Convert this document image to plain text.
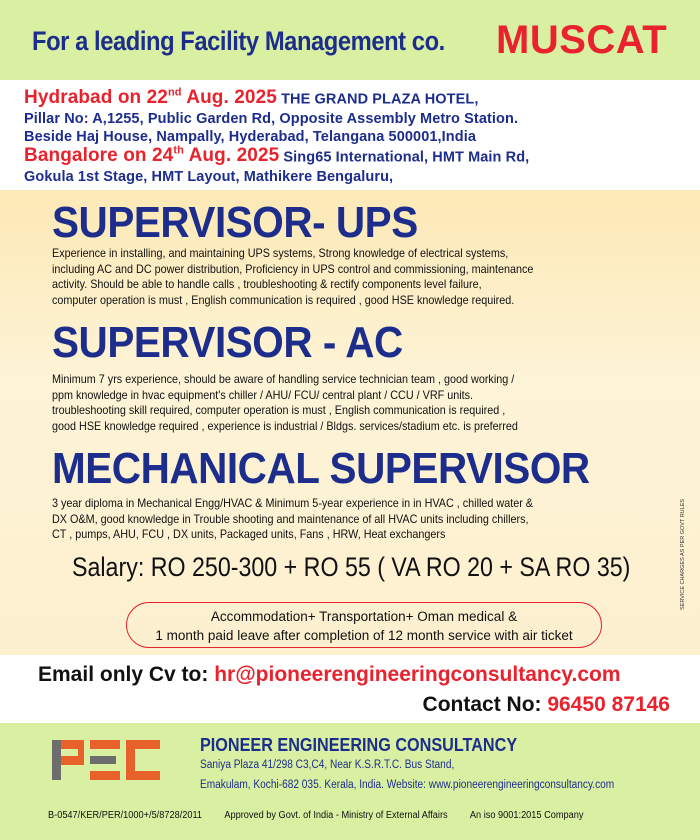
For a leading Facility Management co. MUSCAT
Hydrabad on 22nd Aug. 2025 THE GRAND PLAZA HOTEL,
Pillar No: A,1255, Public Garden Rd, Opposite Assembly Metro Station.
Beside Haj House, Nampally, Hyderabad, Telangana 500001,India
Bangalore on 24th Aug. 2025 Sing65 International, HMT Main Rd,
Gokula 1st Stage, HMT Layout, Mathikere Bengaluru,
SUPERVISOR- UPS
Experience in installing, and maintaining UPS systems, Strong knowledge of electrical systems,
including AC and DC power distribution, Proficiency in UPS control and commissioning, maintenance
activity. Should be able to handle calls , troubleshooting & rectify components level failure,
computer operation is must , English communication is required , good HSE knowledge required.
SUPERVISOR - AC
Minimum 7 yrs experience, should be aware of handling service technician team , good working /
ppm knowledge in hvac equipment's chiller / AHU/ FCU/ central plant / CCU / VRF units.
troubleshooting skill required, computer operation is must , English communication is required ,
good HSE knowledge required , experience is industrial / Bldgs. services/stadium etc. is preferred
MECHANICAL SUPERVISOR
3 year diploma in Mechanical Engg/HVAC & Minimum 5-year experience in in HVAC , chilled water &
DX O&M, good knowledge in Trouble shooting and maintenance of all HVAC units including chillers,
CT , pumps, AHU, FCU , DX units, Packaged units, Fans , HRW, Heat exchangers
Salary: RO 250-300 + RO 55 ( VA RO 20 + SA RO 35)
Accommodation+ Transportation+ Oman medical &
1 month paid leave after completion of 12 month service with air ticket
SERVICE CHARGES AS PER GOVT RULES
Email only Cv to: hr@pioneerengineeringconsultancy.com
Contact No: 96450 87146
PIONEER ENGINEERING CONSULTANCY
Saniya Plaza 41/298 C3,C4, Near K.S.R.T.C. Bus Stand,
Emakulam, Kochi-682 035. Kerala, India. Website: www.pioneerengineeringconsultancy.com
B-0547/KER/PER/1000+/5/8728/2011 Approved by Govt. of India - Ministry of External Affairs An iso 9001:2015 Company
